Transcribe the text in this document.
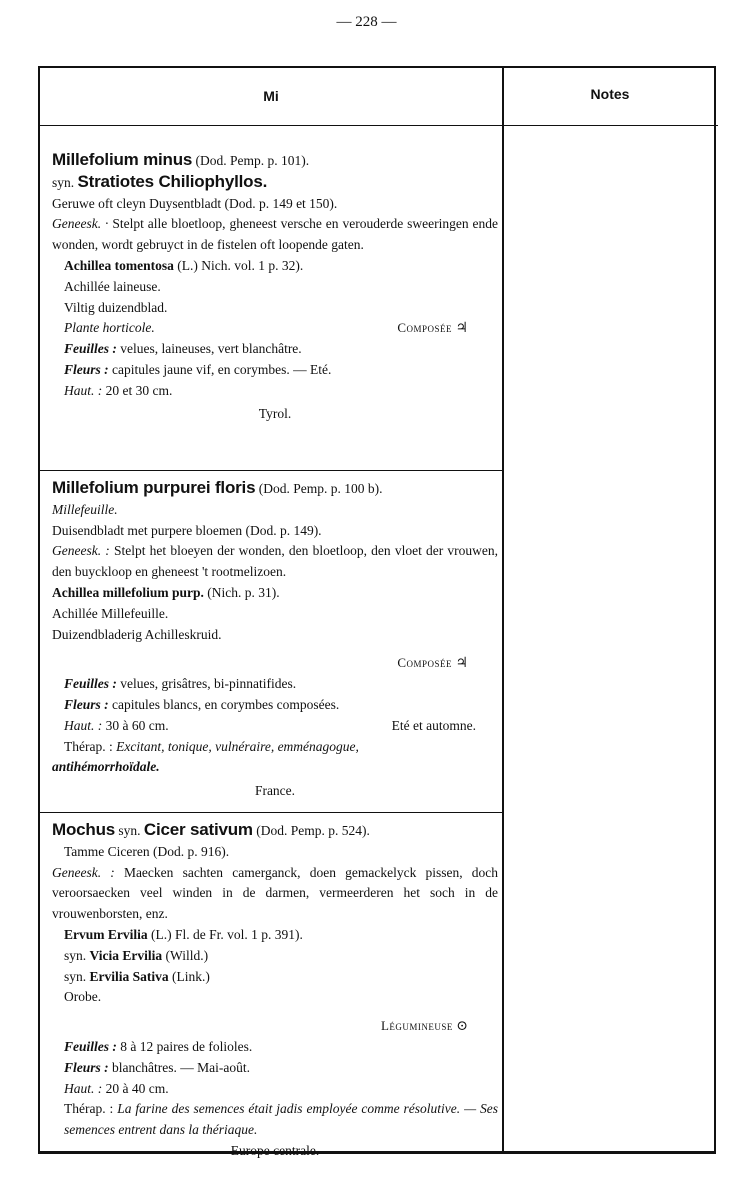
— 228 —
Mi	Notes
Millefolium minus (Dod. Pemp. p. 101).
syn. Stratiotes Chiliophyllos.
Geruwe oft cleyn Duysentbladt (Dod. p. 149 et 150).
Geneesk. · Stelpt alle bloetloop, gheneest versche en verouderde sweeringen ende wonden, wordt gebruyct in de fistelen oft loopende gaten.
Achillea tomentosa (L.) Nich. vol. 1 p. 32).
Achillée laineuse.
Viltig duizendblad.
Plante horticole.	Composée ♃
Feuilles : velues, laineuses, vert blanchâtre.
Fleurs : capitules jaune vif, en corymbes. — Eté.
Haut. : 20 et 30 cm.
Tyrol.
Millefolium purpurei floris (Dod. Pemp. p. 100 b).
Millefeuille.
Duisendbladt met purpere bloemen (Dod. p. 149).
Geneesk. : Stelpt het bloeyen der wonden, den bloetloop, den vloet der vrouwen, den buyckloop en gheneest 't rootmelizoen.
Achillea millefolium purp. (Nich. p. 31).
Achillée Millefeuille.
Duizendbladerig Achilleskruid.
Composée ♃

Feuilles : velues, grisâtres, bi-pinnatifides.
Fleurs : capitules blancs, en corymbes composées.
Haut. : 30 à 60 cm.	Eté et automne.
Thérap. : Excitant, tonique, vulnéraire, emménagogue,
antihémorrhoïdale.
France.
Mochus syn. Cicer sativum (Dod. Pemp. p. 524).
Tamme Ciceren (Dod. p. 916).
Geneesk. : Maecken sachten camerganck, doen gemackelyck pissen, doch veroorsaecken veel winden in de darmen, vermeerderen het soch in de vrouwenborsten, enz.
Ervum Ervilia (L.) Fl. de Fr. vol. 1 p. 391).
syn. Vicia Ervilia (Willd.)
syn. Ervilia Sativa (Link.)
Orobe.
Légumineuse ⊙

Feuilles : 8 à 12 paires de folioles.
Fleurs : blanchâtres. — Mai-août.
Haut. : 20 à 40 cm.
Thérap. : La farine des semences était jadis employée comme résolutive. — Ses semences entrent dans la thériaque.
Europe centrale.
